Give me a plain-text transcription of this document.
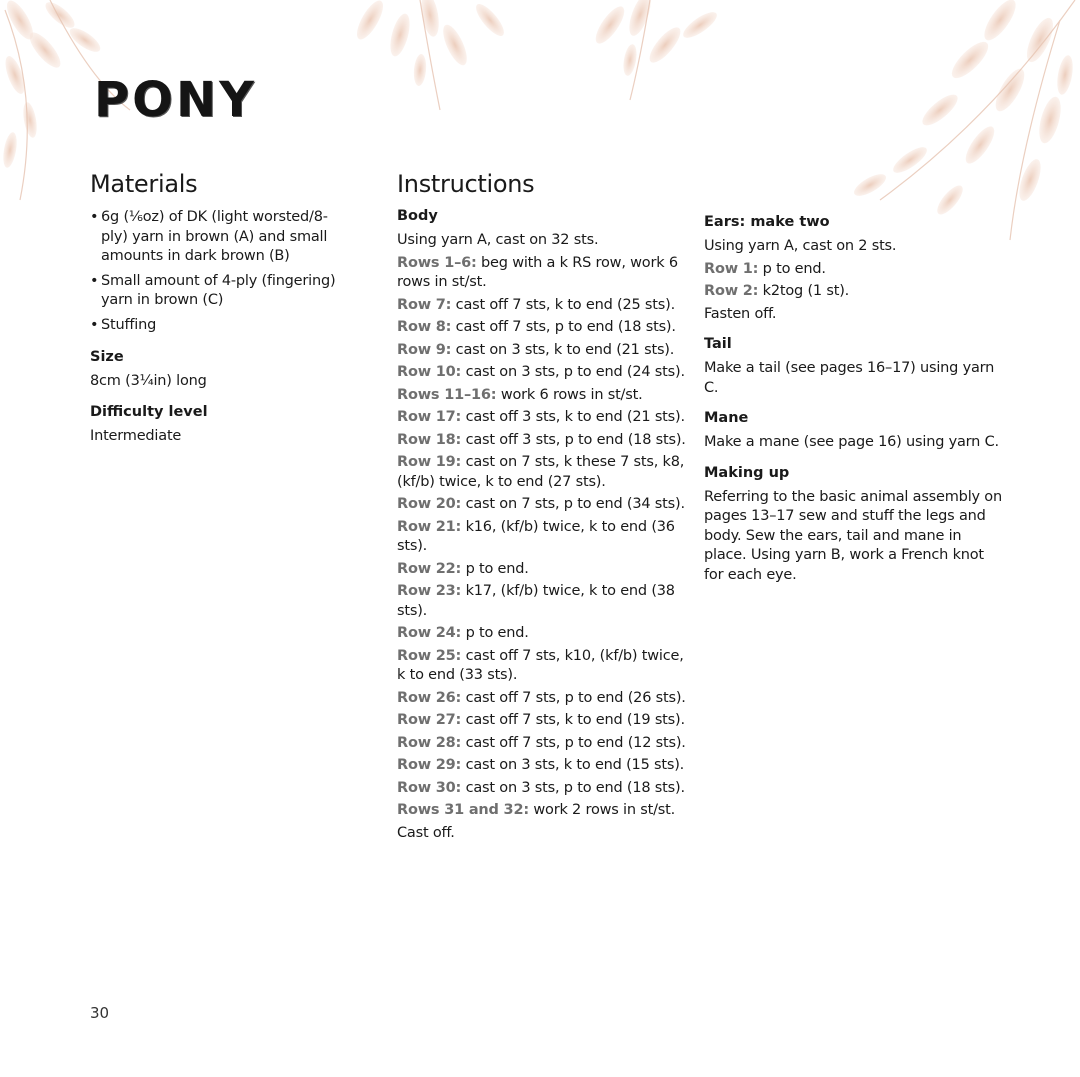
PONY
Materials
• 6g (⅙oz) of DK (light worsted/8-ply) yarn in brown (A) and small amounts in dark brown (B)
• Small amount of 4-ply (fingering) yarn in brown (C)
• Stuffing
Size

8cm (3¼in) long

Difficulty level

Intermediate

Instructions
Body

Using yarn A, cast on 32 sts.

Rows 1–6: beg with a k RS row, work 6 rows in st/st.

Row 7: cast off 7 sts, k to end (25 sts).

Row 8: cast off 7 sts, p to end (18 sts).

Row 9: cast on 3 sts, k to end (21 sts).

Row 10: cast on 3 sts, p to end (24 sts).

Rows 11–16: work 6 rows in st/st.

Row 17: cast off 3 sts, k to end (21 sts).

Row 18: cast off 3 sts, p to end (18 sts).

Row 19: cast on 7 sts, k these 7 sts, k8, (kf/b) twice, k to end (27 sts).

Row 20: cast on 7 sts, p to end (34 sts).

Row 21: k16, (kf/b) twice, k to end (36 sts).

Row 22: p to end.

Row 23: k17, (kf/b) twice, k to end (38 sts).

Row 24: p to end.

Row 25: cast off 7 sts, k10, (kf/b) twice, k to end (33 sts).

Row 26: cast off 7 sts, p to end (26 sts).

Row 27: cast off 7 sts, k to end (19 sts).

Row 28: cast off 7 sts, p to end (12 sts).

Row 29: cast on 3 sts, k to end (15 sts).

Row 30: cast on 3 sts, p to end (18 sts).

Rows 31 and 32: work 2 rows in st/st.

Cast off.

Ears: make two

Using yarn A, cast on 2 sts.

Row 1: p to end.

Row 2: k2tog (1 st).

Fasten off.

Tail

Make a tail (see pages 16–17) using yarn C.

Mane

Make a mane (see page 16) using yarn C.

Making up

Referring to the basic animal assembly on pages 13–17 sew and stuff the legs and body. Sew the ears, tail and mane in place. Using yarn B, work a French knot for each eye.

30
